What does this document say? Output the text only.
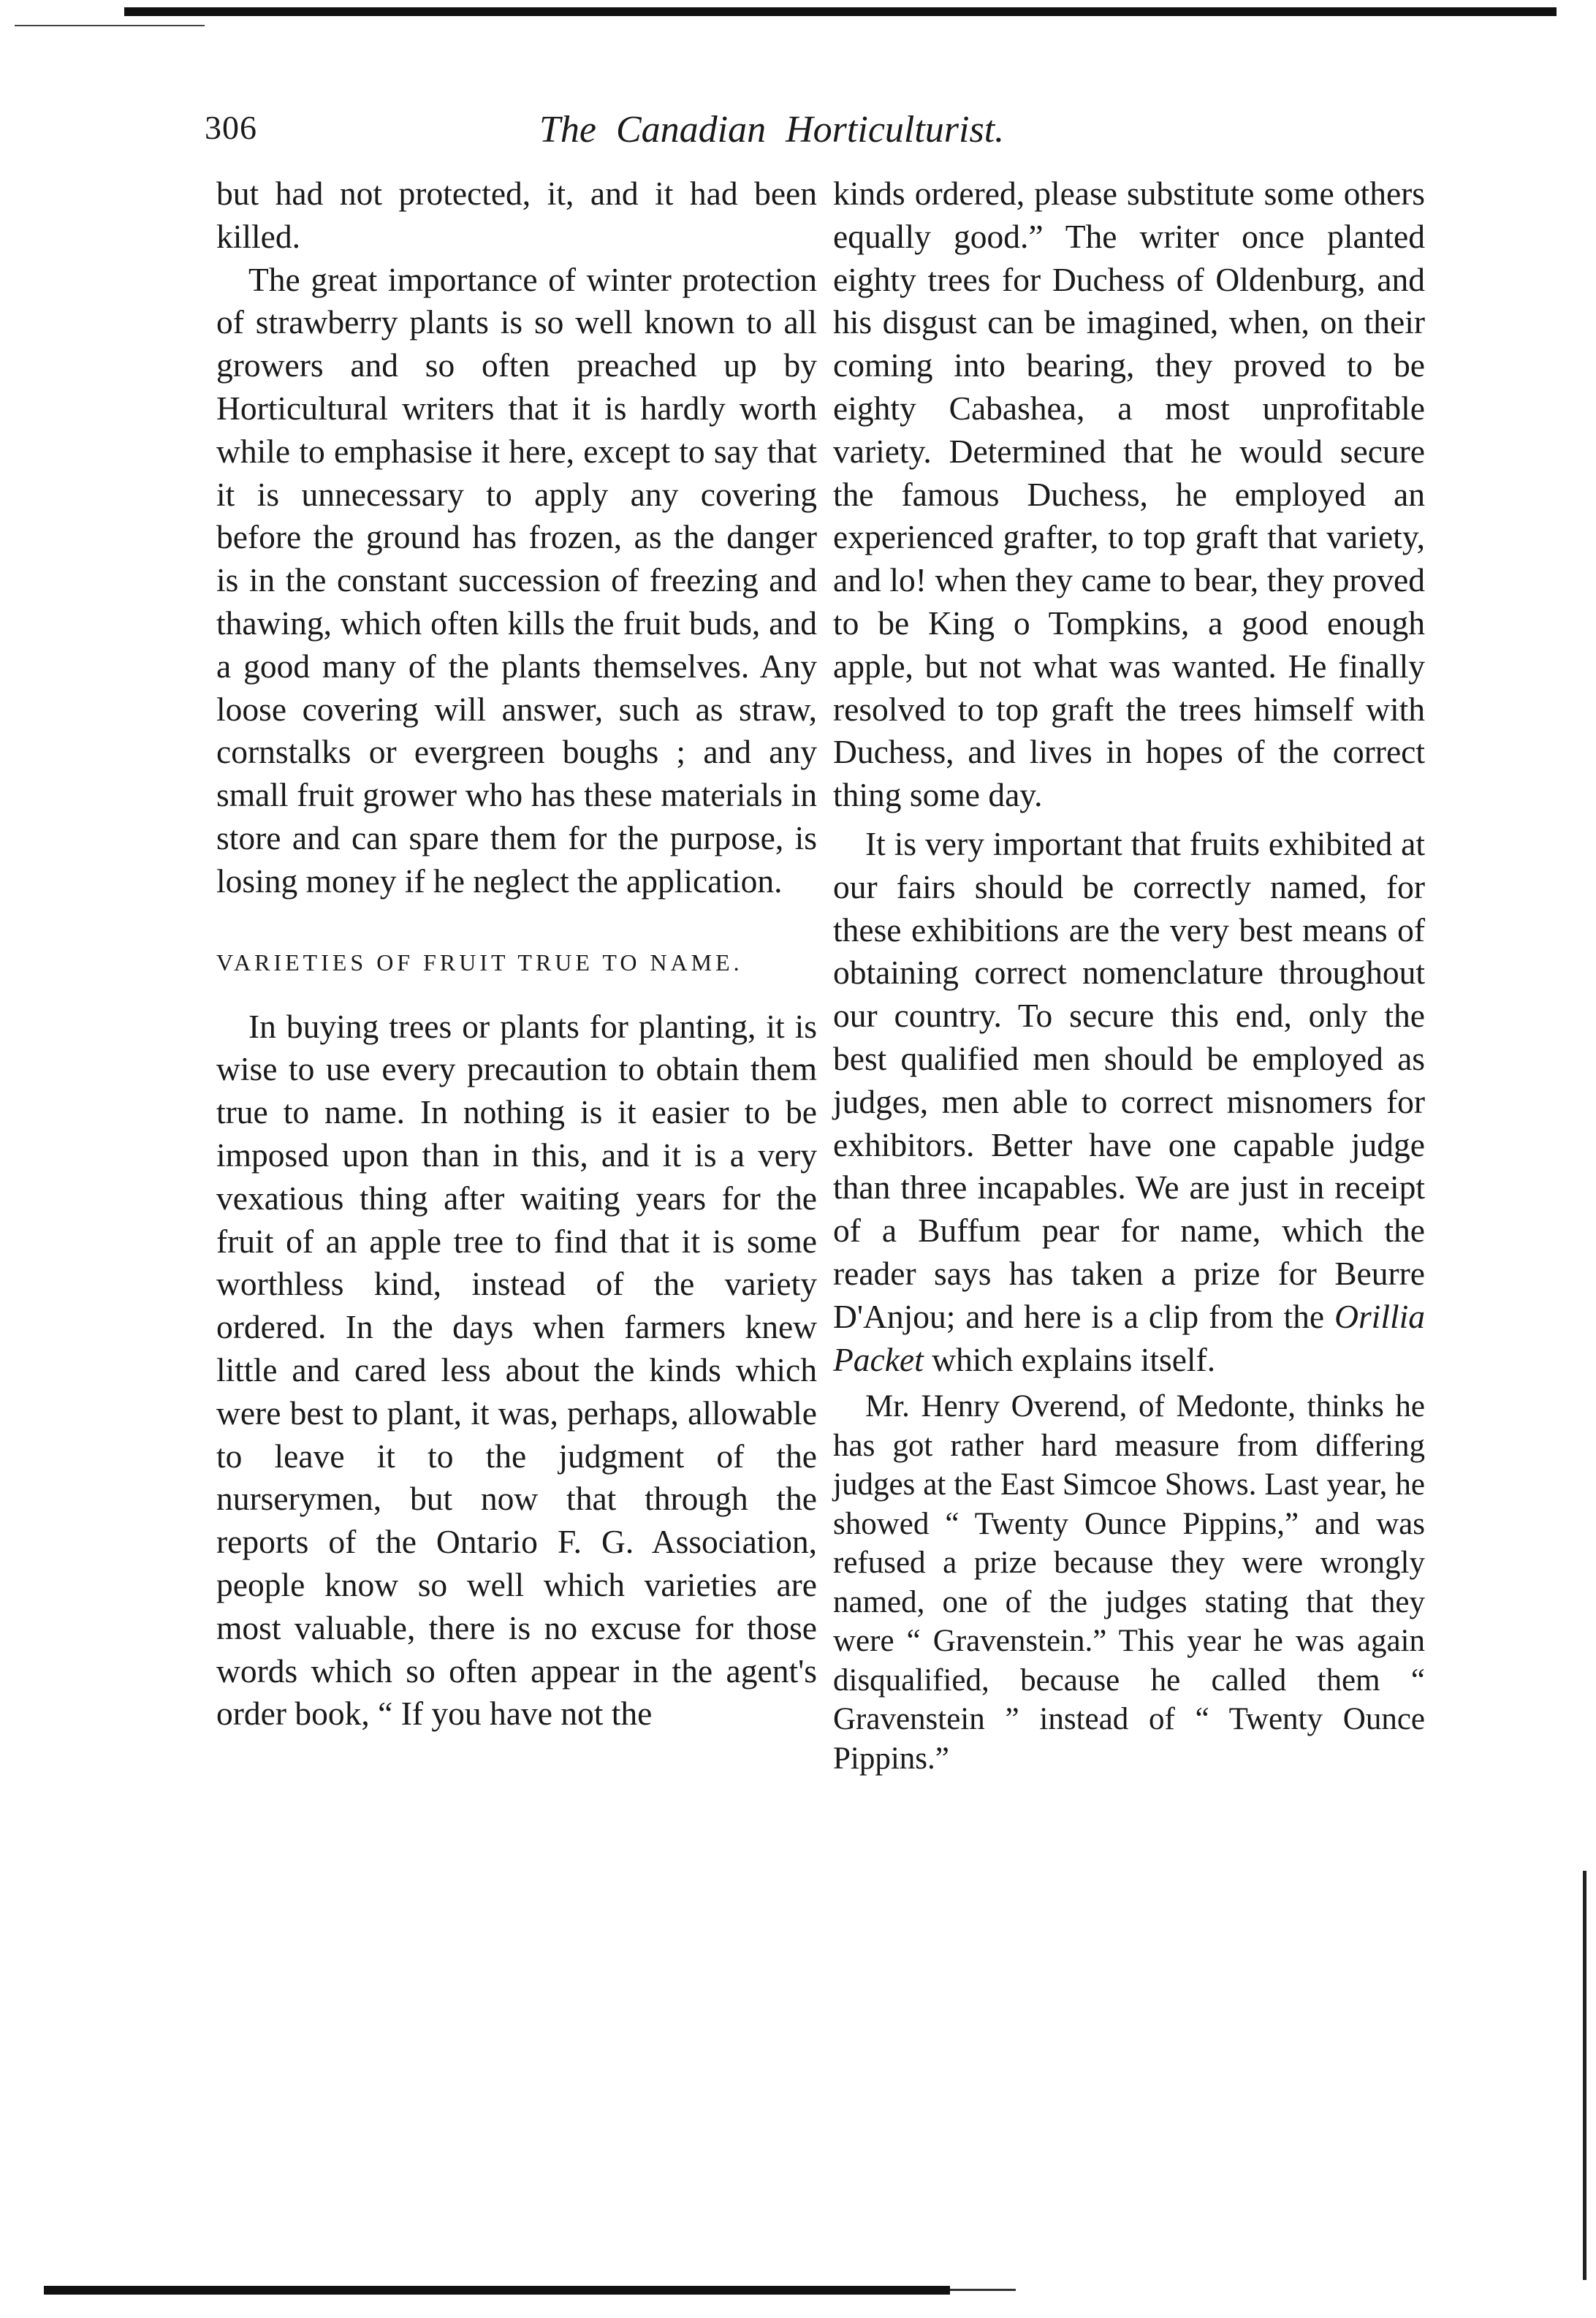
306	The Canadian Horticulturist.

but had not protected, it, and it had been killed.

The great importance of winter protection of strawberry plants is so well known to all growers and so often preached up by Horticultural writers that it is hardly worth while to emphasise it here, except to say that it is unnecessary to apply any covering before the ground has frozen, as the danger is in the constant succession of freezing and thawing, which often kills the fruit buds, and a good many of the plants themselves. Any loose covering will answer, such as straw, cornstalks or evergreen boughs ; and any small fruit grower who has these materials in store and can spare them for the purpose, is losing money if he neglect the application.

VARIETIES OF FRUIT TRUE TO NAME.

In buying trees or plants for planting, it is wise to use every precaution to obtain them true to name. In nothing is it easier to be imposed upon than in this, and it is a very vexatious thing after waiting years for the fruit of an apple tree to find that it is some worthless kind, instead of the variety ordered. In the days when farmers knew little and cared less about the kinds which were best to plant, it was, perhaps, allowable to leave it to the judgment of the nurserymen, but now that through the reports of the Ontario F. G. Association, people know so well which varieties are most valuable, there is no excuse for those words which so often appear in the agent's order book, “ If you have not the

kinds ordered, please substitute some others equally good.” The writer once planted eighty trees for Duchess of Oldenburg, and his disgust can be imagined, when, on their coming into bearing, they proved to be eighty Cabashea, a most unprofitable variety. Determined that he would secure the famous Duchess, he employed an experienced grafter, to top graft that variety, and lo! when they came to bear, they proved to be King o Tompkins, a good enough apple, but not what was wanted. He finally resolved to top graft the trees himself with Duchess, and lives in hopes of the correct thing some day.

It is very important that fruits exhibited at our fairs should be correctly named, for these exhibitions are the very best means of obtaining correct nomenclature throughout our country. To secure this end, only the best qualified men should be employed as judges, men able to correct misnomers for exhibitors. Better have one capable judge than three incapables. We are just in receipt of a Buffum pear for name, which the reader says has taken a prize for Beurre D'Anjou; and here is a clip from the Orillia Packet which explains itself.

Mr. Henry Overend, of Medonte, thinks he has got rather hard measure from differing judges at the East Simcoe Shows. Last year, he showed “ Twenty Ounce Pippins,” and was refused a prize because they were wrongly named, one of the judges stating that they were “ Gravenstein.” This year he was again disqualified, because he called them “ Gravenstein ” instead of “ Twenty Ounce Pippins.”
